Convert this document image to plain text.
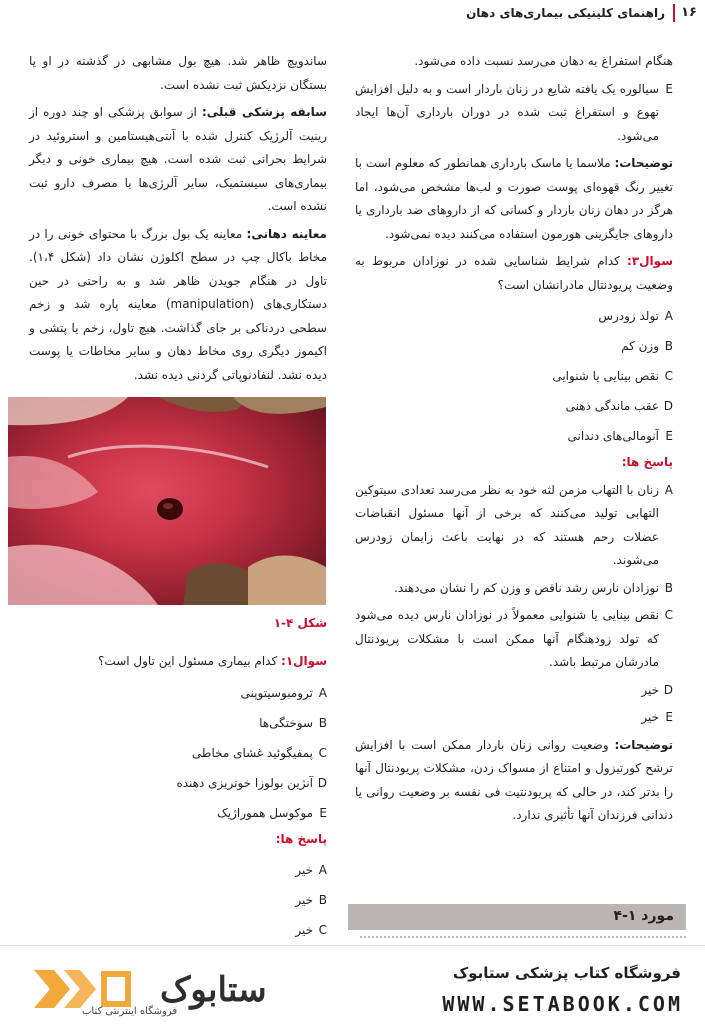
۱۶
راهنمای کلینیکی بیماری‌های دهان

هنگام استفراغ به دهان می‌رسد نسبت داده می‌شود.

E
سیالوره یک یافته شایع در زنان باردار است و به دلیل افزایش تهوع و استفراغ ثبت شده در دوران بارداری آن‌ها ایجاد می‌شود.

توضیحات: ملاسما یا ماسک بارداری همانطور که معلوم است با تغییر رنگ قهوه‌ای پوست صورت و لب‌ها مشخص می‌شود، اما هرگز در دهان زنان باردار و کسانی که از داروهای ضد بارداری یا داروهای جایگزینی هورمون استفاده می‌کنند دیده نمی‌شود.

سوال۳: کدام شرایط شناسایی شده در نوزادان مربوط به وضعیت پریودنتال مادرانشان است؟

A
تولد زودرس

B
وزن کم

C
نقص بینایی یا شنوایی

D
عقب ماندگی ذهنی

E
آنومالی‌های دندانی

پاسخ ها:

A
زنان با التهاب مزمن لثه خود به نظر می‌رسد تعدادی سیتوکین التهابی تولید می‌کنند که برخی از آنها مسئول انقباضات عضلات رحم هستند که در نهایت باعث زایمان زودرس می‌شوند.

B
نوزادان نارس رشد ناقص و وزن کم را نشان می‌دهند.

C
نقص بینایی یا شنوایی معمولاً در نوزادان نارس دیده می‌شود که تولد زودهنگام آنها ممکن است با مشکلات پریودنتال مادرشان مرتبط باشد.

D
خیر

E
خیر

توضیحات: وضعیت روانی زنان باردار ممکن است با افزایش ترشح کورتیزول و امتناع از مسواک زدن، مشکلات پریودنتال آنها را بدتر کند، در حالی که پریودنتیت فی نفسه بر وضعیت روانی یا دندانی فرزندان آنها تأثیری ندارد.

مورد ۱-۴

ساندویچ ظاهر شد. هیچ بول مشابهی در گذشته در او یا بستگان نزدیکش ثبت نشده است.

سابقه پزشکی قبلی: از سوابق پزشکی او چند دوره از رینیت آلرژیک کنترل شده با آنتی‌هیستامین و استروئید در شرایط بحرانی ثبت شده است. هیچ بیماری خونی و دیگر بیماری‌های سیستمیک، سایر آلرژی‌ها یا مصرف دارو ثبت نشده است.

معاینه دهانی: معاینه یک بول بزرگ با محتوای خونی را در مخاط باکال چپ در سطح اکلوژن نشان داد (شکل ۱،۴). تاول در هنگام جویدن ظاهر شد و به راحتی در حین دستکاری‌های (manipulation) معاینه پاره شد و زخم سطحی دردناکی بر جای گذاشت. هیچ تاول، زخم یا پتشی و اکیموز دیگری روی مخاط دهان و سایر مخاطات یا پوست دیده نشد. لنفادنوپاتی گردنی دیده نشد.

شکل ۴-۱

سوال۱: کدام بیماری مسئول این تاول است؟

A
ترومبوسیتوپنی

B
سوختگی‌ها

C
پمفیگوئید غشای مخاطی

D
آنژین بولوزا خونریزی دهنده

E
موکوسل هموراژیک

پاسخ ها:

A
خیر

B
خیر

C
خیر

فروشگاه کتاب پزشکی ستابوک
WWW.SETABOOK.COM
ستابوک
فروشگاه اینترنتی کتاب
